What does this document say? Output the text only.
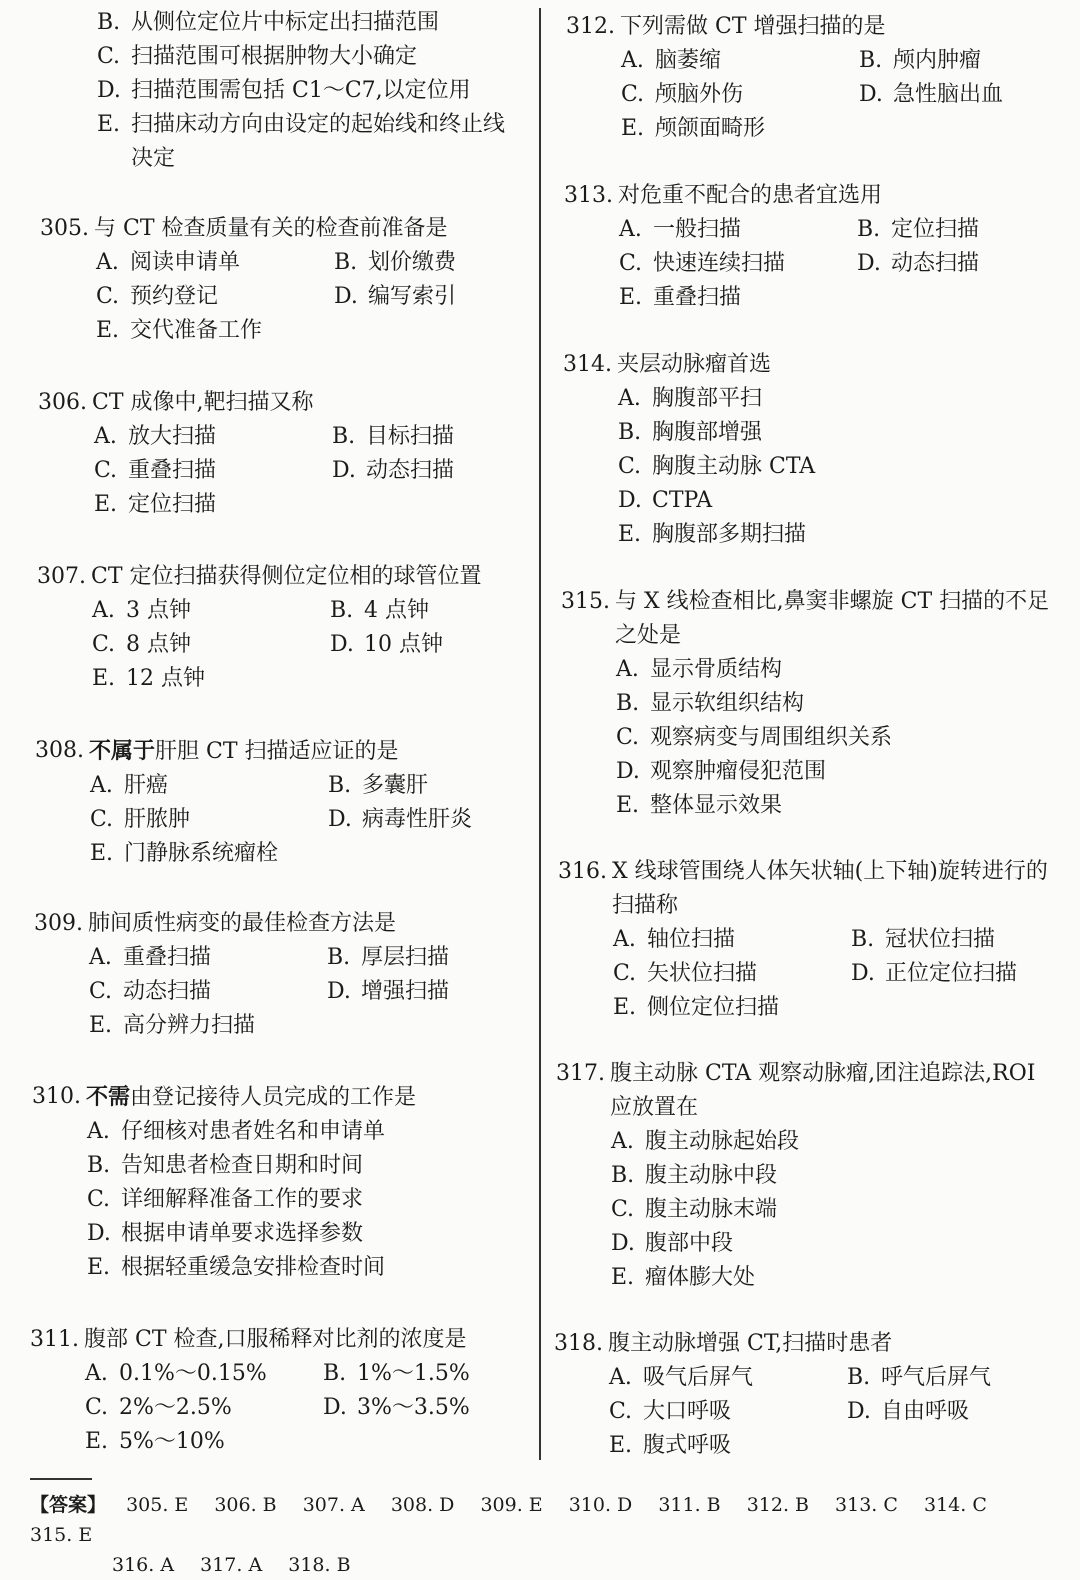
B. 从侧位定位片中标定出扫描范围
C. 扫描范围可根据肿物大小确定
D. 扫描范围需包括 C1～C7,以定位用
E. 扫描床动方向由设定的起始线和终止线决定
305. 与 CT 检查质量有关的检查前准备是
A. 阅读申请单	B. 划价缴费
C. 预约登记	D. 编写索引
E. 交代准备工作
306. CT 成像中,靶扫描又称
A. 放大扫描	B. 目标扫描
C. 重叠扫描	D. 动态扫描
E. 定位扫描
307. CT 定位扫描获得侧位定位相的球管位置
A. 3 点钟	B. 4 点钟
C. 8 点钟	D. 10 点钟
E. 12 点钟
308. 不属于肝胆 CT 扫描适应证的是
A. 肝癌	B. 多囊肝
C. 肝脓肿	D. 病毒性肝炎
E. 门静脉系统瘤栓
309. 肺间质性病变的最佳检查方法是
A. 重叠扫描	B. 厚层扫描
C. 动态扫描	D. 增强扫描
E. 高分辨力扫描
310. 不需由登记接待人员完成的工作是
A. 仔细核对患者姓名和申请单
B. 告知患者检查日期和时间
C. 详细解释准备工作的要求
D. 根据申请单要求选择参数
E. 根据轻重缓急安排检查时间
311. 腹部 CT 检查,口服稀释对比剂的浓度是
A. 0.1%～0.15%	B. 1%～1.5%
C. 2%～2.5%	D. 3%～3.5%
E. 5%～10%
312. 下列需做 CT 增强扫描的是
A. 脑萎缩	B. 颅内肿瘤
C. 颅脑外伤	D. 急性脑出血
E. 颅颌面畸形
313. 对危重不配合的患者宜选用
A. 一般扫描	B. 定位扫描
C. 快速连续扫描	D. 动态扫描
E. 重叠扫描
314. 夹层动脉瘤首选
A. 胸腹部平扫
B. 胸腹部增强
C. 胸腹主动脉 CTA
D. CTPA
E. 胸腹部多期扫描
315. 与 X 线检查相比,鼻窦非螺旋 CT 扫描的不足之处是
A. 显示骨质结构
B. 显示软组织结构
C. 观察病变与周围组织关系
D. 观察肿瘤侵犯范围
E. 整体显示效果
316. X 线球管围绕人体矢状轴(上下轴)旋转进行的扫描称
A. 轴位扫描	B. 冠状位扫描
C. 矢状位扫描	D. 正位定位扫描
E. 侧位定位扫描
317. 腹主动脉 CTA 观察动脉瘤,团注追踪法,ROI 应放置在
A. 腹主动脉起始段
B. 腹主动脉中段
C. 腹主动脉末端
D. 腹部中段
E. 瘤体膨大处
318. 腹主动脉增强 CT,扫描时患者
A. 吸气后屏气	B. 呼气后屏气
C. 大口呼吸	D. 自由呼吸
E. 腹式呼吸
【答案】 305. E 306. B 307. A 308. D 309. E 310. D 311. B 312. B 313. C 314. C 315. E
316. A 317. A 318. B
